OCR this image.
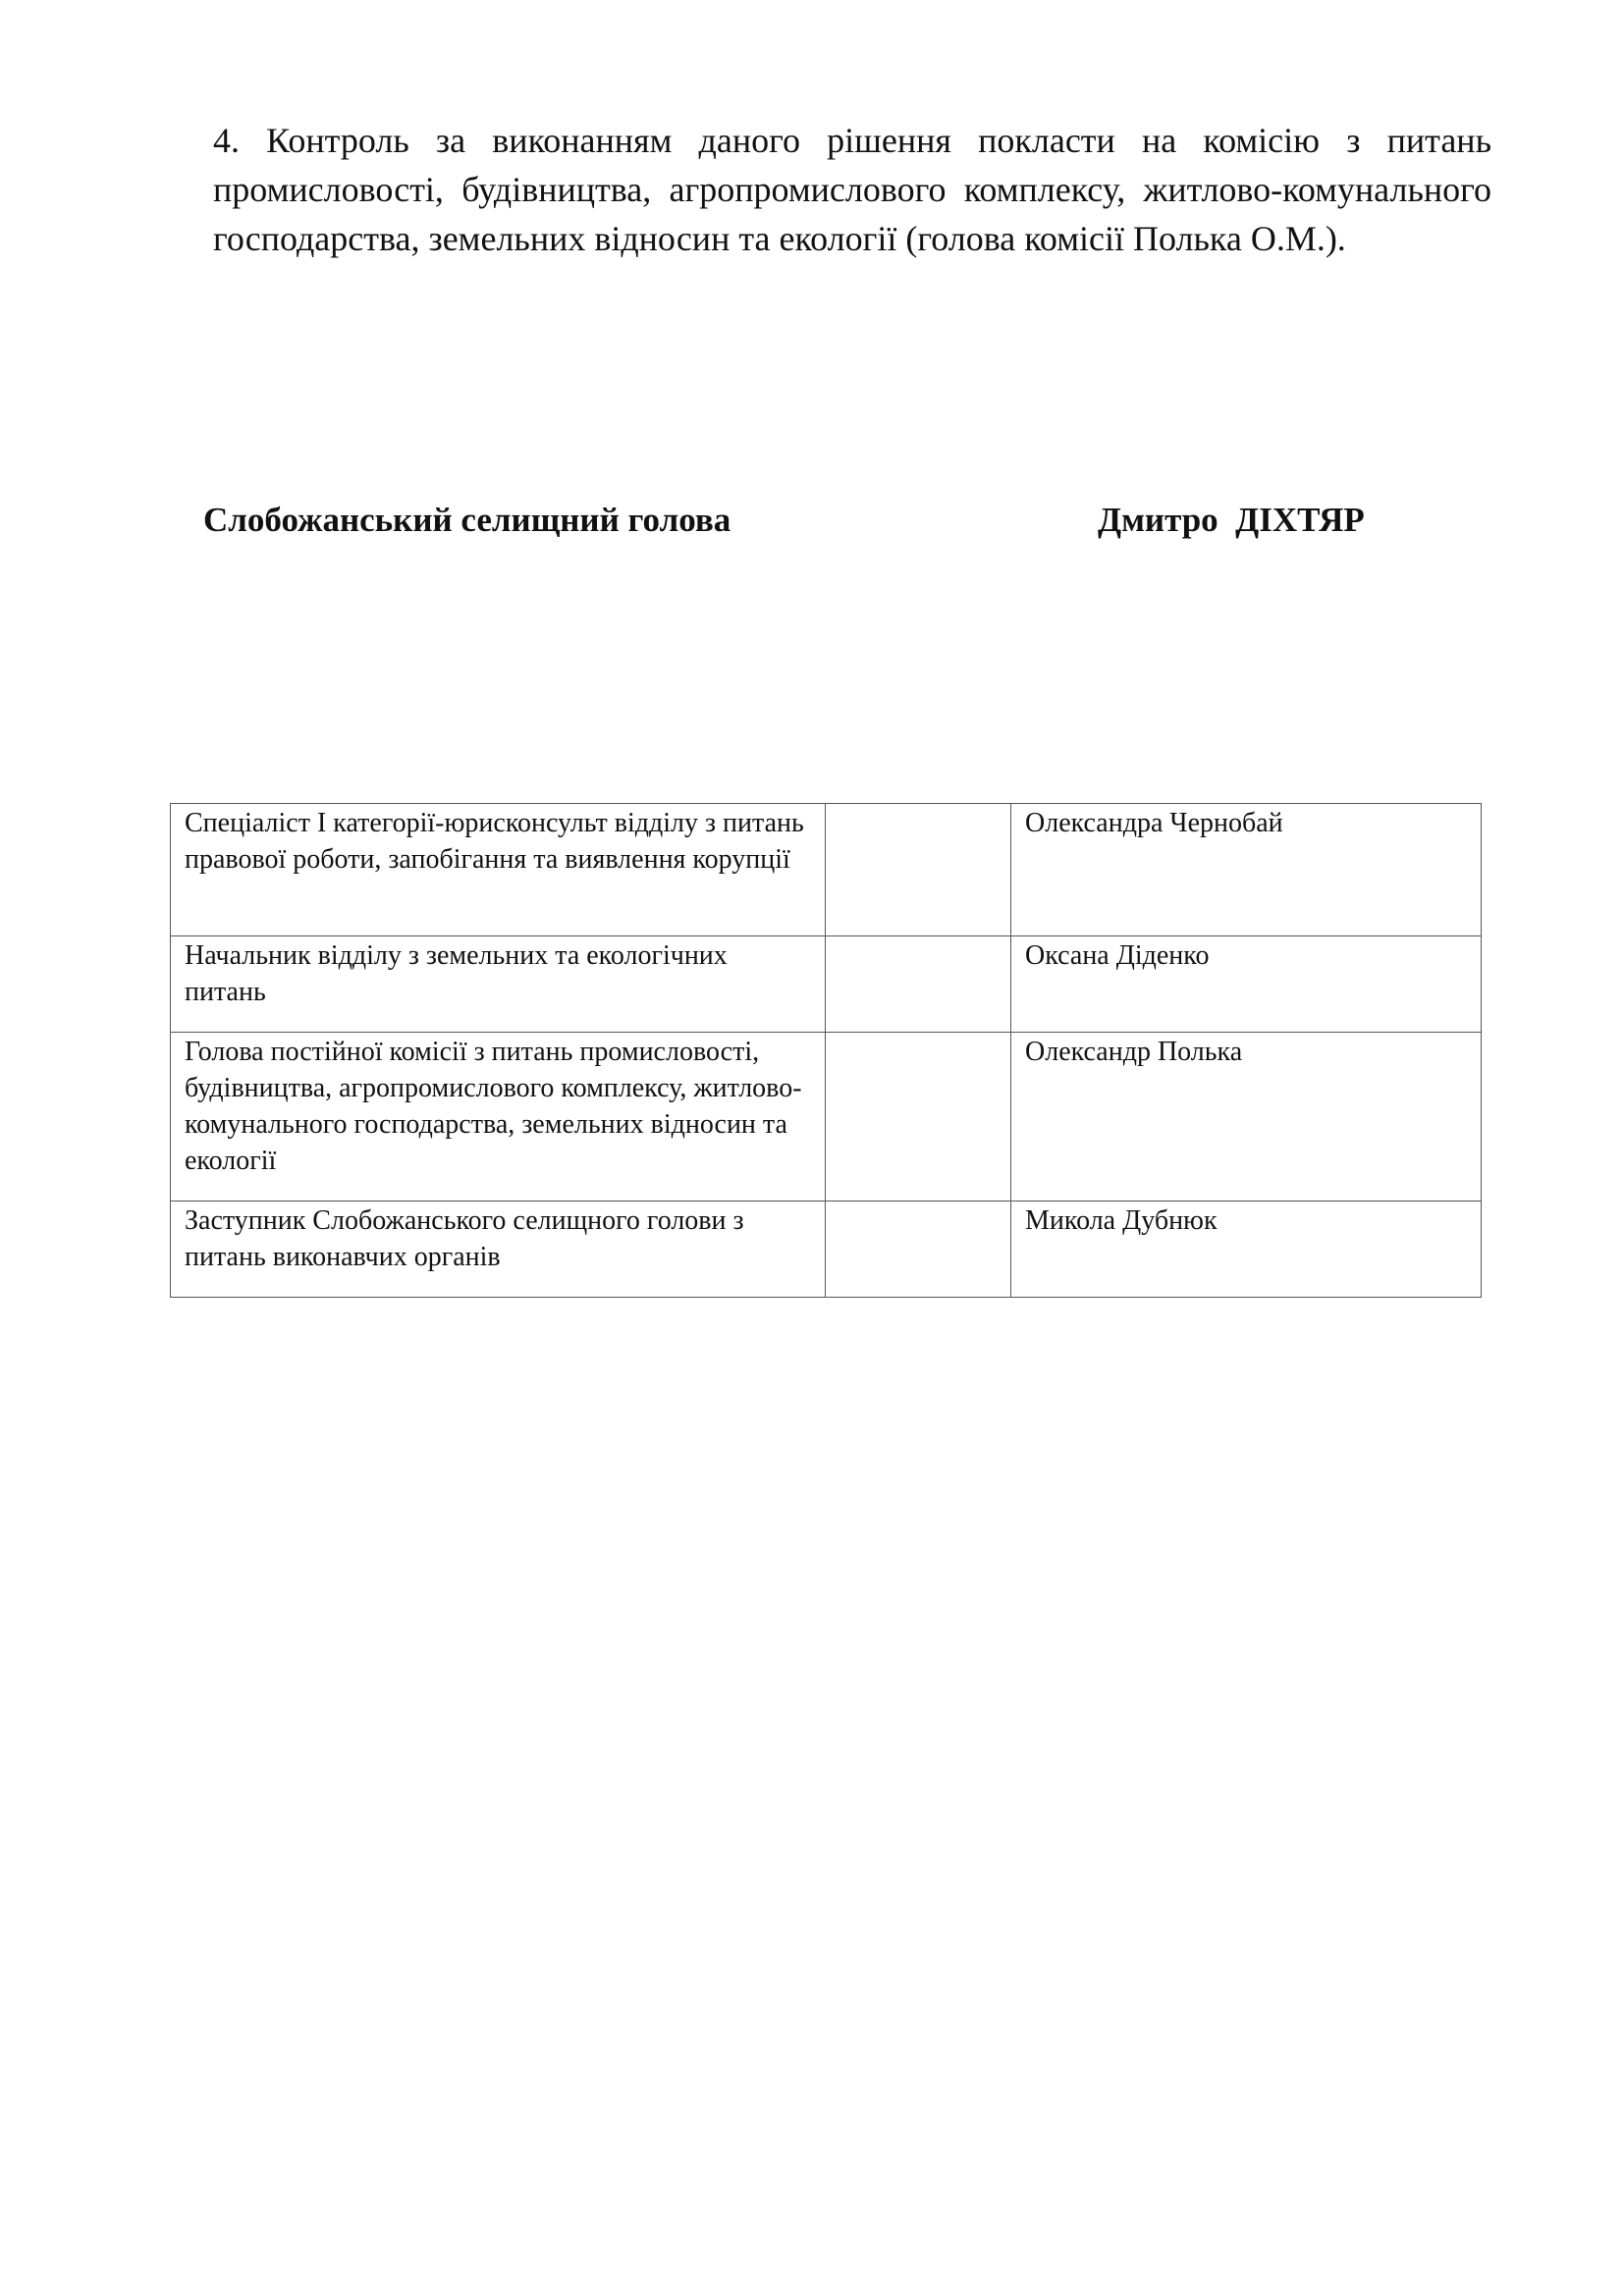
4. Контроль за виконанням даного рішення покласти на комісію з питань промисловості, будівництва, агропромислового комплексу, житлово-комунального господарства, земельних відносин та екології (голова комісії Полька О.М.).

Слобожанський селищний голова	Дмитро  ДІХТЯР

Спеціаліст І категорії-юрисконсульт відділу з питань правової роботи, запобігання та виявлення корупції		Олександра Чернобай
Начальник відділу з земельних та екологічних питань		Оксана Діденко
Голова постійної комісії з питань промисловості, будівництва, агропромислового комплексу, житлово-комунального господарства, земельних відносин та екології		Олександр Полька
Заступник Слобожанського селищного голови з питань виконавчих органів		Микола Дубнюк
